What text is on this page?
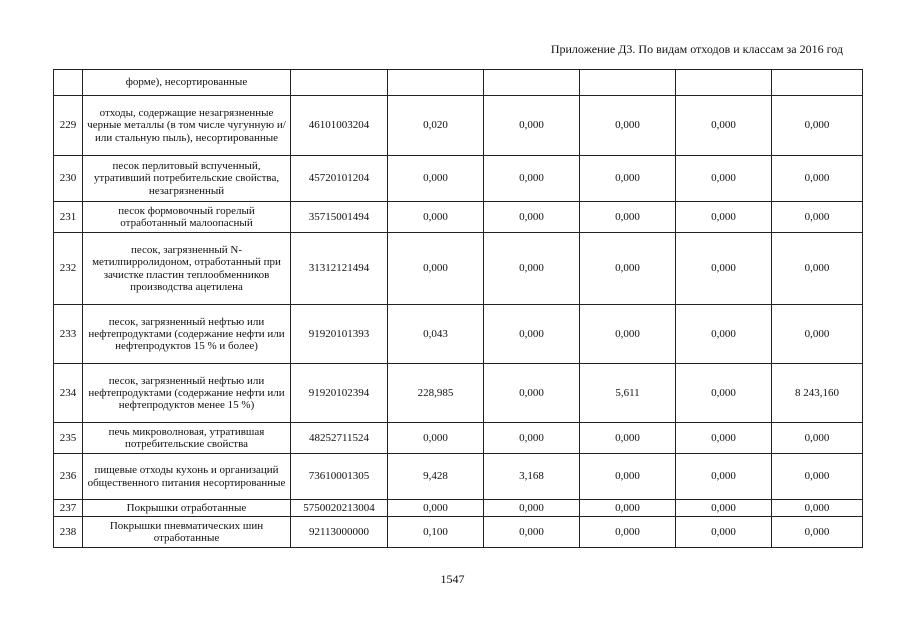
Приложение Д3. По видам отходов и классам за 2016 год
	форме), несортированные						
229	отходы, содержащие незагрязненные черные металлы (в том числе чугунную и/или стальную пыль), несортированные	46101003204	0,020	0,000	0,000	0,000	0,000
230	песок перлитовый вспученный, утративший потребительские свойства, незагрязненный	45720101204	0,000	0,000	0,000	0,000	0,000
231	песок формовочный горелый отработанный малоопасный	35715001494	0,000	0,000	0,000	0,000	0,000
232	песок, загрязненный N-метилпирролидоном, отработанный при зачистке пластин теплообменников производства ацетилена	31312121494	0,000	0,000	0,000	0,000	0,000
233	песок, загрязненный нефтью или нефтепродуктами (содержание нефти или нефтепродуктов 15 % и более)	91920101393	0,043	0,000	0,000	0,000	0,000
234	песок, загрязненный нефтью или нефтепродуктами (содержание нефти или нефтепродуктов менее 15 %)	91920102394	228,985	0,000	5,611	0,000	8 243,160
235	печь микроволновая, утратившая потребительские свойства	48252711524	0,000	0,000	0,000	0,000	0,000
236	пищевые отходы кухонь и организаций общественного питания несортированные	73610001305	9,428	3,168	0,000	0,000	0,000
237	Покрышки отработанные	5750020213004	0,000	0,000	0,000	0,000	0,000
238	Покрышки пневматических шин отработанные	92113000000	0,100	0,000	0,000	0,000	0,000
1547
